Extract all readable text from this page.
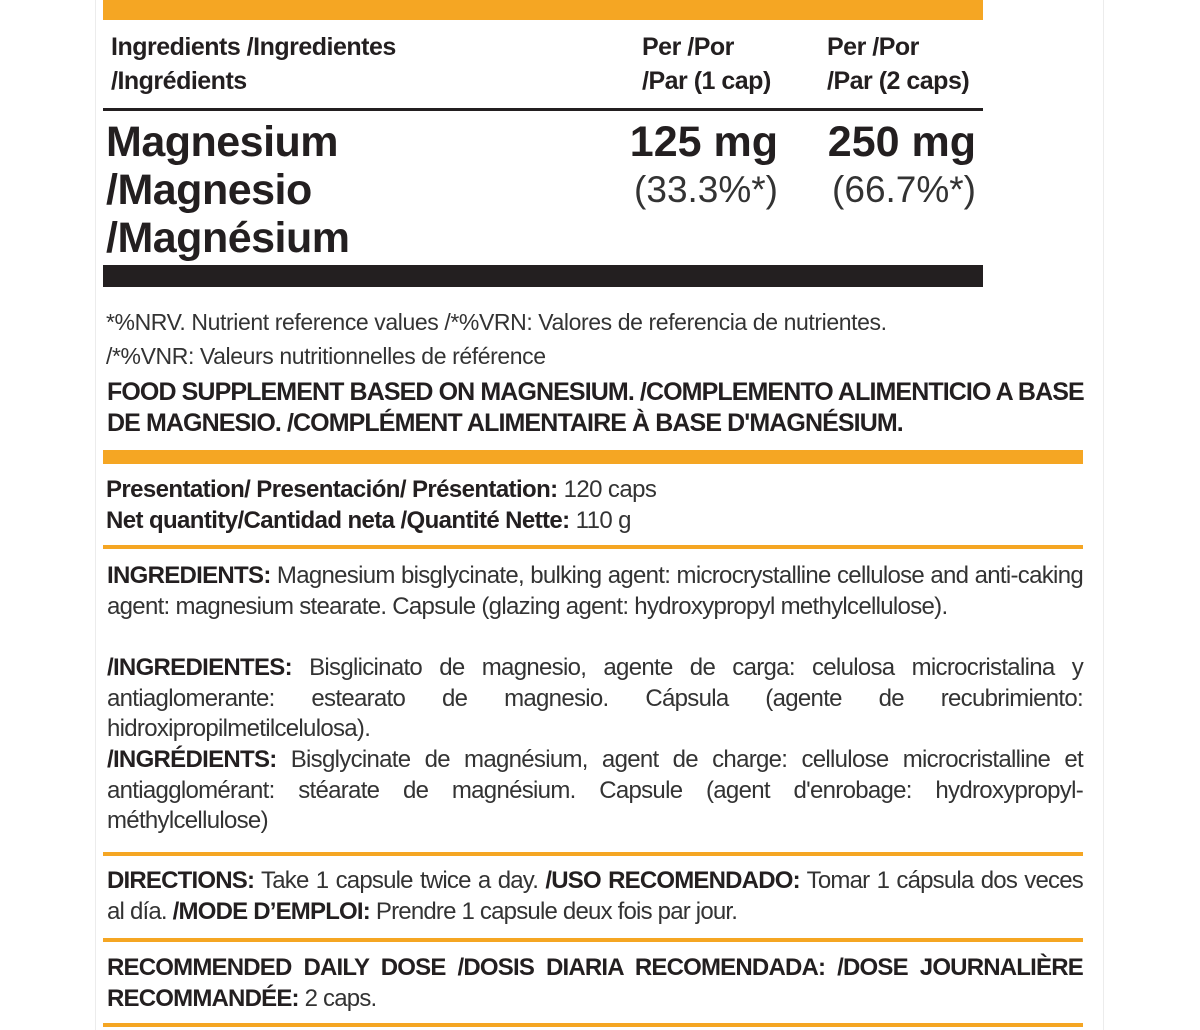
Ingredients /Ingredientes
/Ingrédients
Per /Por
/Par (1 cap)
Per /Por
/Par (2 caps)
Magnesium
/Magnesio
/Magnésium
125 mg
(33.3%*)
250 mg
(66.7%*)
*%NRV. Nutrient reference values /*%VRN: Valores de referencia de nutrientes.
/*%VNR: Valeurs nutritionnelles de référence
FOOD SUPPLEMENT BASED ON MAGNESIUM. /COMPLEMENTO ALIMENTICIO A BASE
DE MAGNESIO. /COMPLÉMENT ALIMENTAIRE À BASE D'MAGNÉSIUM.
Presentation/ Presentación/ Présentation: 120 caps
Net quantity/Cantidad neta /Quantité Nette: 110 g
INGREDIENTS: Magnesium bisglycinate, bulking agent: microcrystalline cellulose and anti-caking agent: magnesium stearate. Capsule (glazing agent: hydroxypropyl methylcellulose).
/INGREDIENTES: Bisglicinato de magnesio, agente de carga: celulosa microcristalina y antiaglomerante: estearato de magnesio. Cápsula (agente de recubrimiento: hidroxipropilmetilcelulosa).
/INGRÉDIENTS: Bisglycinate de magnésium, agent de charge: cellulose microcristalline et antiagglomérant: stéarate de magnésium. Capsule (agent d'enrobage: hydroxypropyl-méthylcellulose)
DIRECTIONS: Take 1 capsule twice a day. /USO RECOMENDADO: Tomar 1 cápsula dos veces al día. /MODE D’EMPLOI: Prendre 1 capsule deux fois par jour.
RECOMMENDED DAILY DOSE /DOSIS DIARIA RECOMENDADA: /DOSE JOURNALIÈRE RECOMMANDÉE: 2 caps.
